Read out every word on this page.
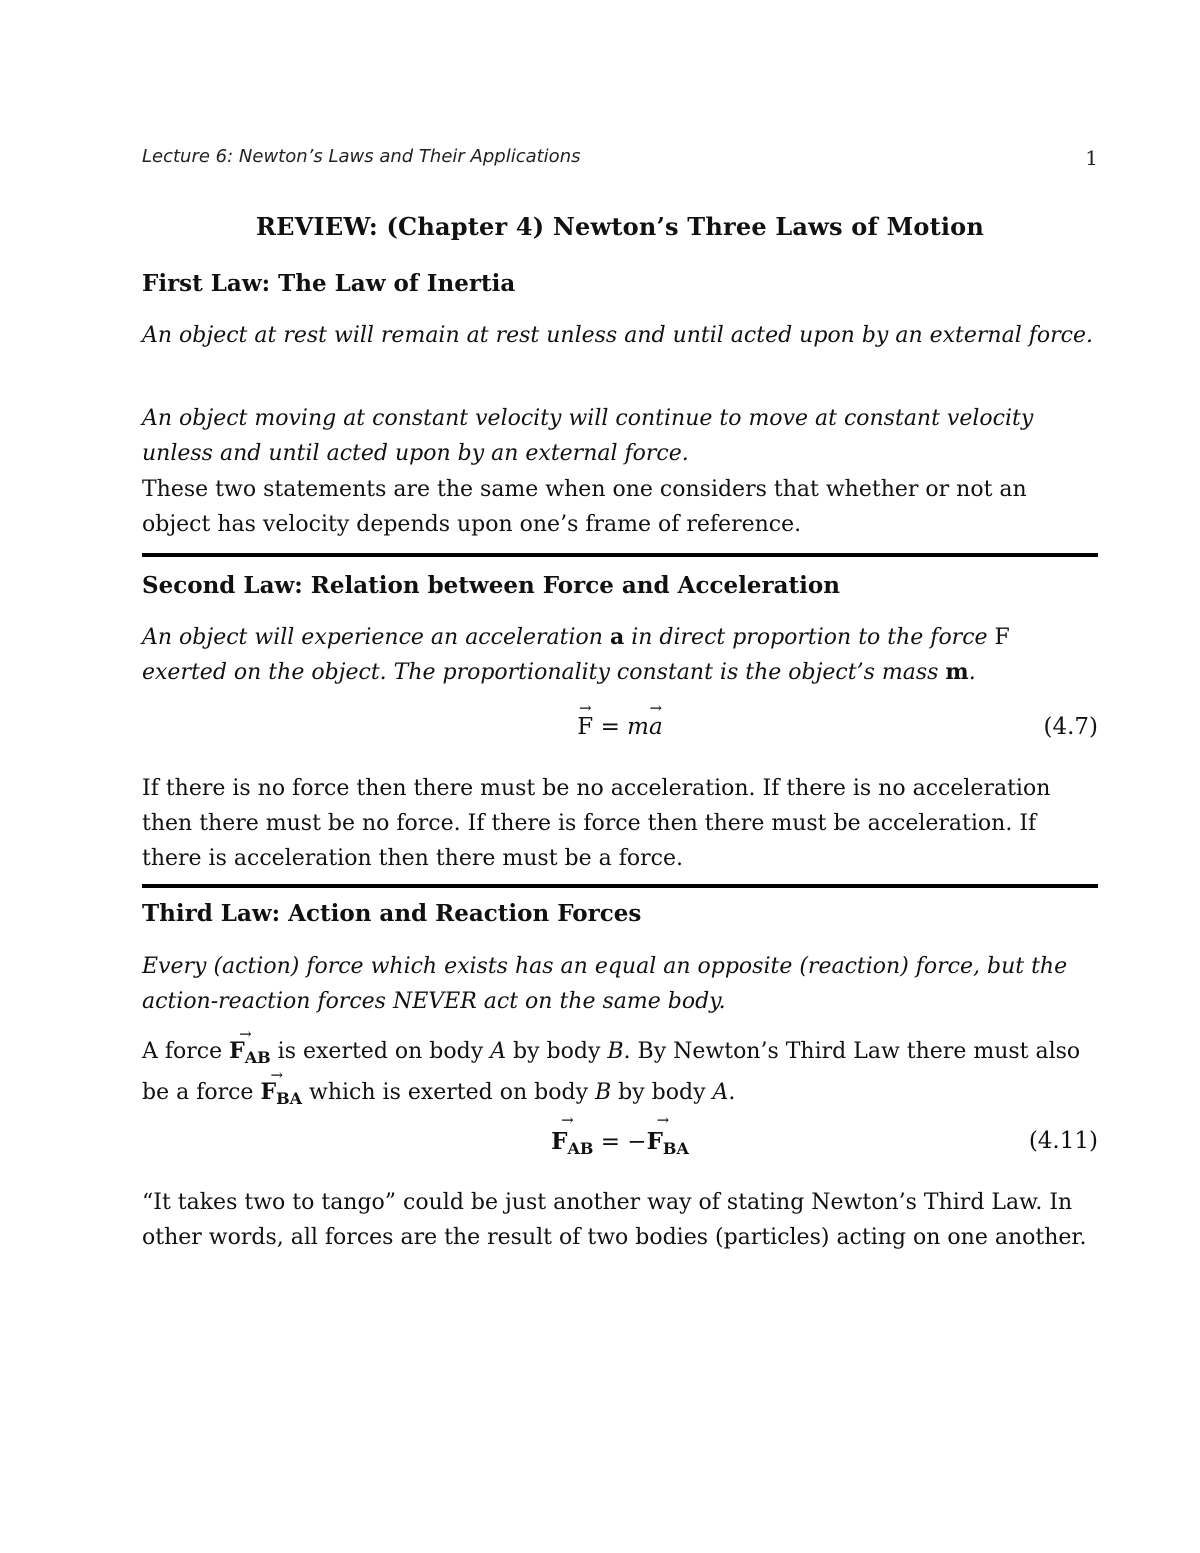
Lecture 6: Newton’s Laws and Their Applications	1
REVIEW: (Chapter 4) Newton’s Three Laws of Motion
First Law: The Law of Inertia
An object at rest will remain at rest unless and until acted upon by an external force.
An object moving at constant velocity will continue to move at constant velocity unless and until acted upon by an external force.
These two statements are the same when one considers that whether or not an object has velocity depends upon one’s frame of reference.
Second Law: Relation between Force and Acceleration
An object will experience an acceleration a in direct proportion to the force F exerted on the object. The proportionality constant is the object’s mass m.
→ F = m→ a	(4.7)
If there is no force then there must be no acceleration. If there is no acceleration then there must be no force. If there is force then there must be acceleration. If there is acceleration then there must be a force.
Third Law: Action and Reaction Forces
Every (action) force which exists has an equal an opposite (reaction) force, but the action-reaction forces NEVER act on the same body.
A force → $F_{AB}$ is exerted on body A by body B. By Newton’s Third Law there must also be a force → $F_{BA}$ which is exerted on body B by body A.
→ $F_{AB}$ = −→ $F_{BA}$	(4.11)
“It takes two to tango” could be just another way of stating Newton’s Third Law. In other words, all forces are the result of two bodies (particles) acting on one another.
